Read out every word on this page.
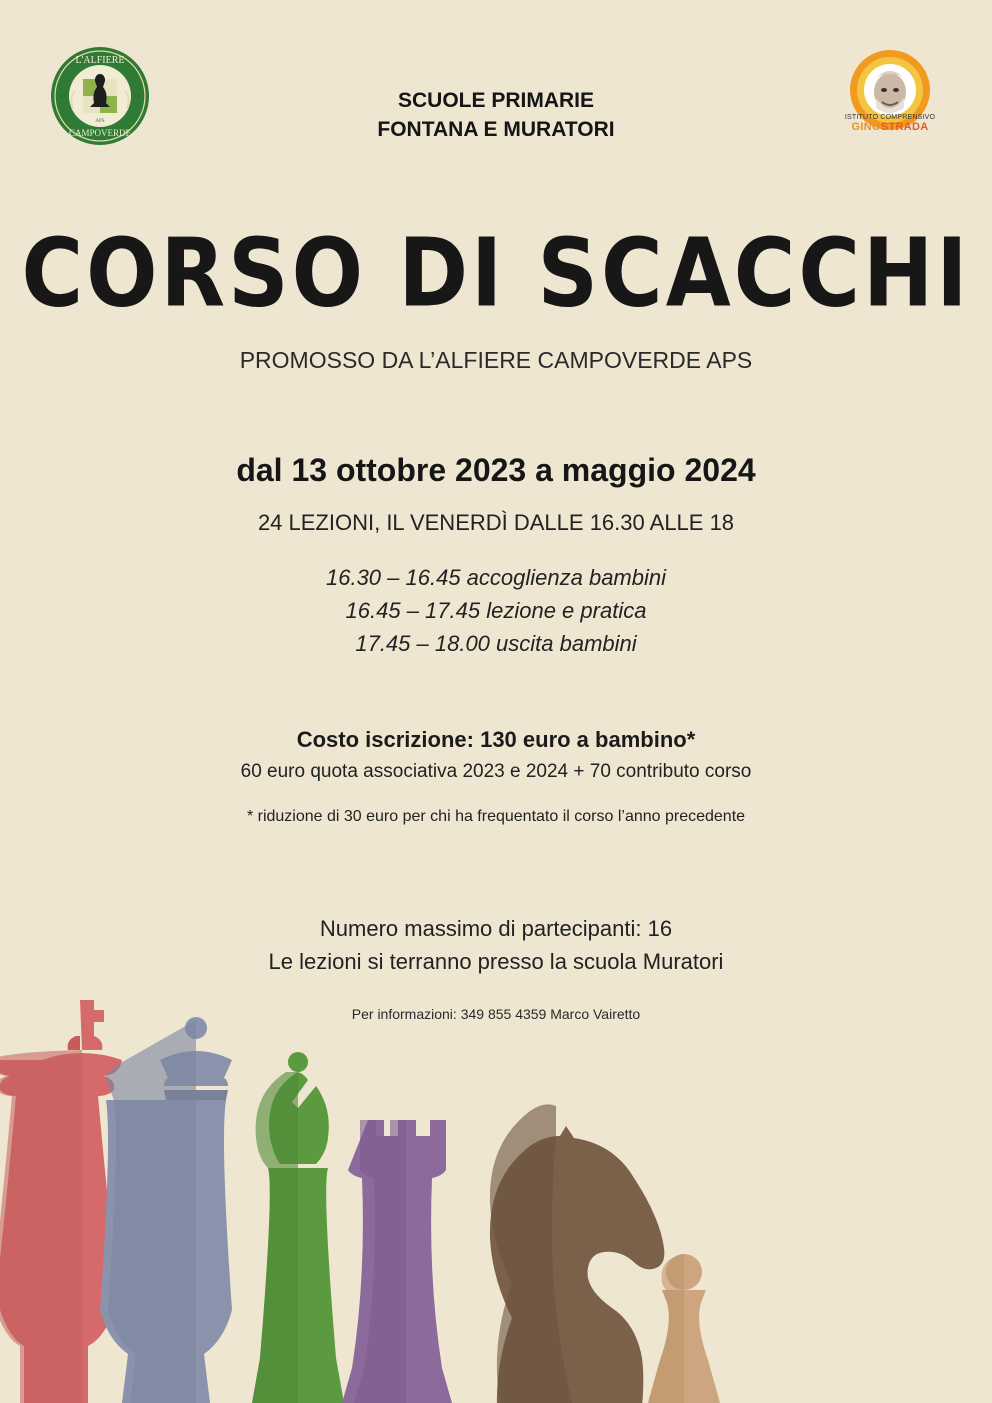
L'ALFIERE
CAMPOVERDE
APS
ISTITUTO COMPRENSIVO
GINOSTRADA
SCUOLE PRIMARIE
FONTANA E MURATORI
CORSO DI SCACCHI
PROMOSSO DA L’ALFIERE CAMPOVERDE APS
dal 13 ottobre 2023 a maggio 2024
24 LEZIONI, IL VENERDÌ DALLE 16.30 ALLE 18
16.30 – 16.45 accoglienza bambini
16.45 – 17.45 lezione e pratica
17.45 – 18.00 uscita bambini
Costo iscrizione: 130 euro a bambino*
60 euro quota associativa 2023 e 2024 + 70 contributo corso
* riduzione di 30 euro per chi ha frequentato il corso l’anno precedente
Numero massimo di partecipanti: 16
Le lezioni si terranno presso la scuola Muratori
Per informazioni: 349 855 4359 Marco Vairetto
